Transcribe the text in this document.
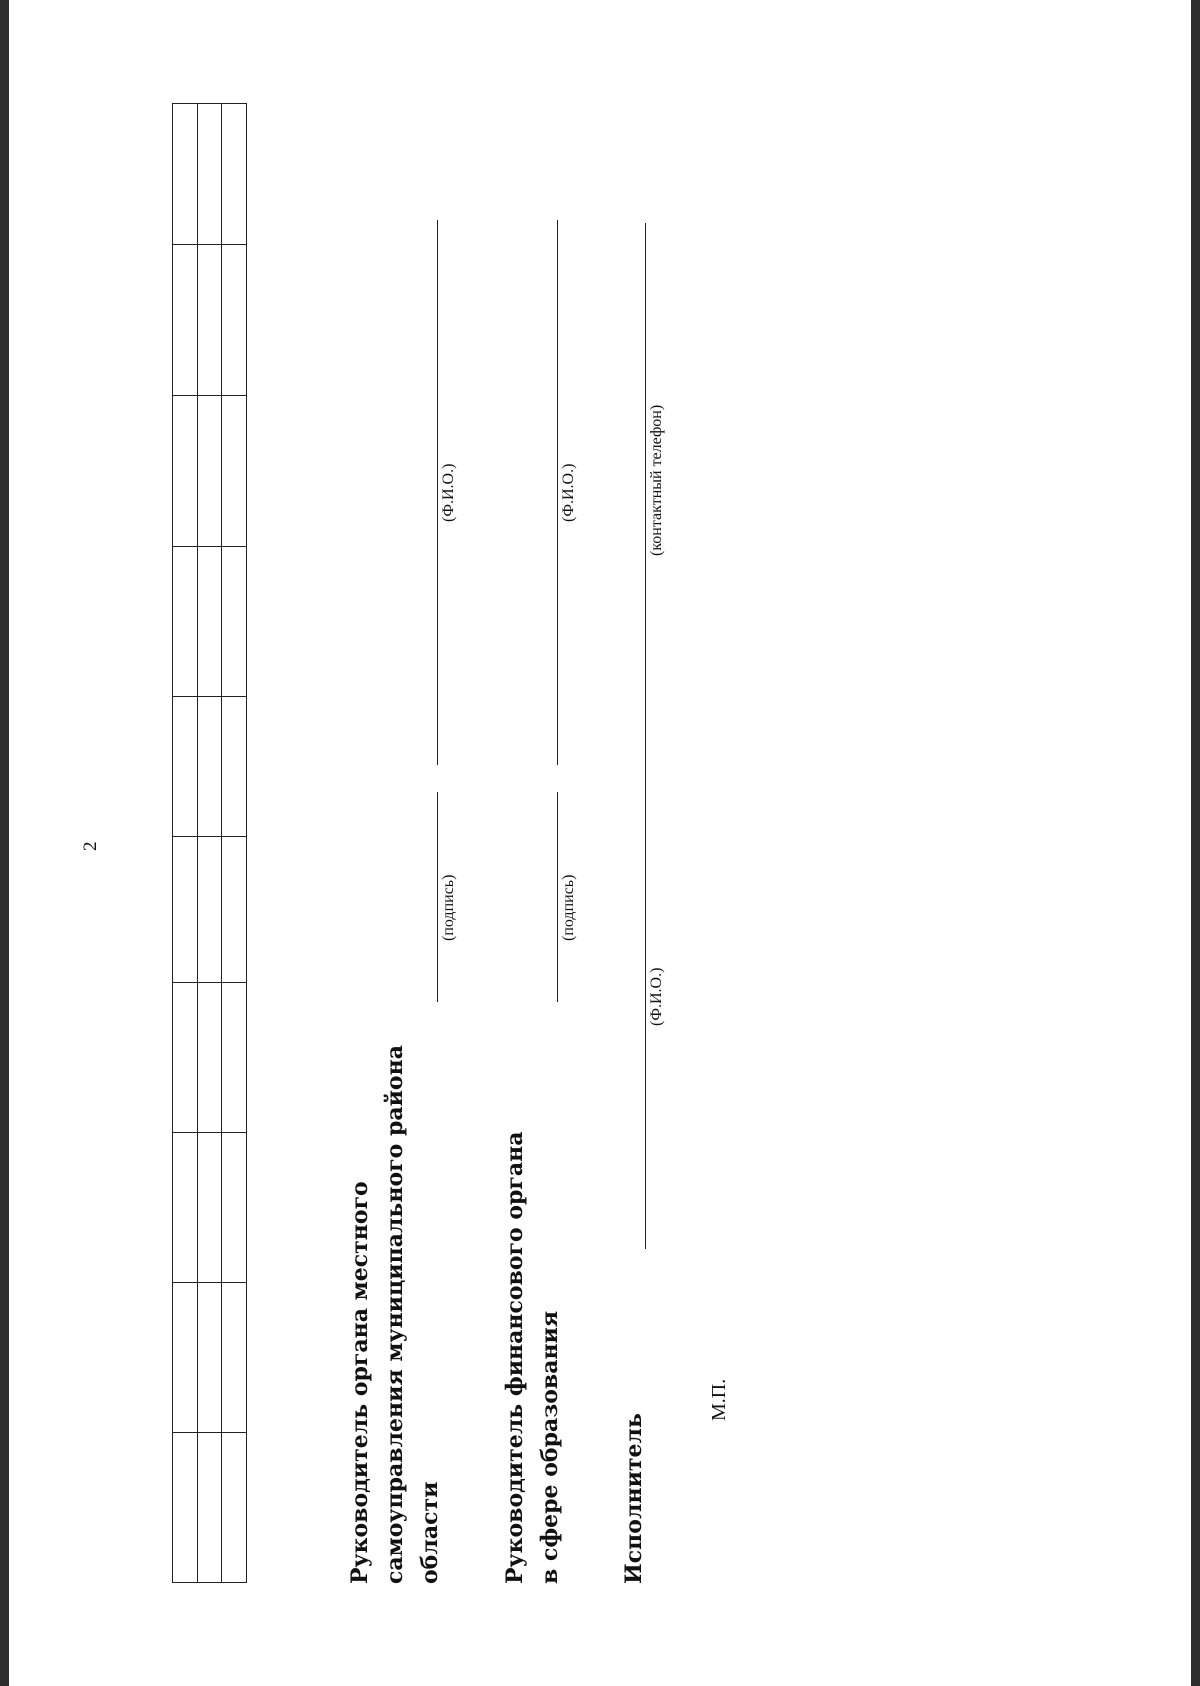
2

Руководитель органа местного самоуправления муниципального района области
(подпись)
(Ф.И.О.)
Руководитель финансового органа в сфере образования
(подпись)
(Ф.И.О.)
Исполнитель
(Ф.И.О.)
(контактный телефон)
М.П.
